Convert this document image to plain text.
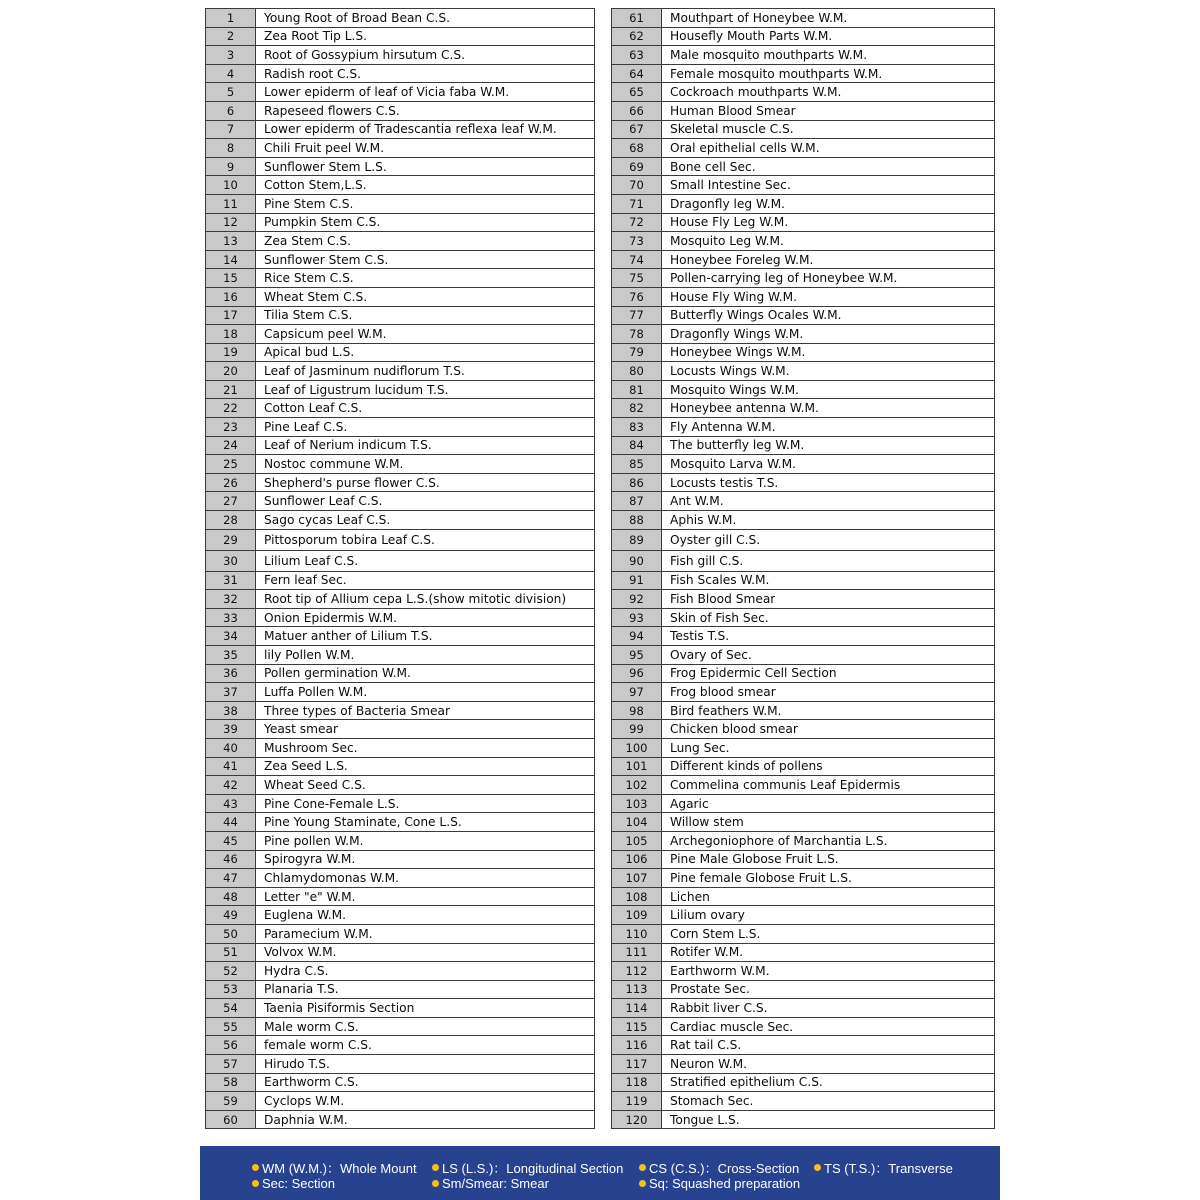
1	Young Root of Broad Bean C.S.
2	Zea Root Tip L.S.
3	Root of Gossypium hirsutum C.S.
4	Radish root C.S.
5	Lower epiderm of leaf of Vicia faba W.M.
6	Rapeseed flowers C.S.
7	Lower epiderm of Tradescantia reflexa leaf W.M.
8	Chili Fruit peel W.M.
9	Sunflower Stem L.S.
10	Cotton Stem,L.S.
11	Pine Stem C.S.
12	Pumpkin Stem C.S.
13	Zea Stem C.S.
14	Sunflower Stem C.S.
15	Rice Stem C.S.
16	Wheat Stem C.S.
17	Tilia Stem C.S.
18	Capsicum peel W.M.
19	Apical bud L.S.
20	Leaf of Jasminum nudiflorum T.S.
21	Leaf of Ligustrum lucidum T.S.
22	Cotton Leaf C.S.
23	Pine Leaf C.S.
24	Leaf of Nerium indicum T.S.
25	Nostoc commune W.M.
26	Shepherd's purse flower C.S.
27	Sunflower Leaf C.S.
28	Sago cycas Leaf C.S.
29	Pittosporum tobira Leaf C.S.
30	Lilium Leaf C.S.
31	Fern leaf Sec.
32	Root tip of Allium cepa L.S.(show mitotic division)
33	Onion Epidermis W.M.
34	Matuer anther of Lilium T.S.
35	lily Pollen W.M.
36	Pollen germination W.M.
37	Luffa Pollen W.M.
38	Three types of Bacteria Smear
39	Yeast smear
40	Mushroom Sec.
41	Zea Seed L.S.
42	Wheat Seed C.S.
43	Pine Cone-Female L.S.
44	Pine Young Staminate, Cone L.S.
45	Pine pollen W.M.
46	Spirogyra W.M.
47	Chlamydomonas W.M.
48	Letter "e" W.M.
49	Euglena W.M.
50	Paramecium W.M.
51	Volvox W.M.
52	Hydra C.S.
53	Planaria T.S.
54	Taenia Pisiformis Section
55	Male worm C.S.
56	female worm C.S.
57	Hirudo T.S.
58	Earthworm C.S.
59	Cyclops W.M.
60	Daphnia W.M.
61	Mouthpart of Honeybee W.M.
62	Housefly Mouth Parts W.M.
63	Male mosquito mouthparts W.M.
64	Female mosquito mouthparts W.M.
65	Cockroach mouthparts W.M.
66	Human Blood Smear
67	Skeletal muscle C.S.
68	Oral epithelial cells W.M.
69	Bone cell Sec.
70	Small Intestine Sec.
71	Dragonfly leg W.M.
72	House Fly Leg W.M.
73	Mosquito Leg W.M.
74	Honeybee Foreleg W.M.
75	Pollen-carrying leg of Honeybee W.M.
76	House Fly Wing W.M.
77	Butterfly Wings Ocales W.M.
78	Dragonfly Wings W.M.
79	Honeybee Wings W.M.
80	Locusts Wings W.M.
81	Mosquito Wings W.M.
82	Honeybee antenna W.M.
83	Fly Antenna W.M.
84	The butterfly leg W.M.
85	Mosquito Larva W.M.
86	Locusts testis T.S.
87	Ant W.M.
88	Aphis W.M.
89	Oyster gill C.S.
90	Fish gill C.S.
91	Fish Scales W.M.
92	Fish Blood Smear
93	Skin of Fish Sec.
94	Testis T.S.
95	Ovary of Sec.
96	Frog Epidermic Cell Section
97	Frog blood smear
98	Bird feathers W.M.
99	Chicken blood smear
100	Lung Sec.
101	Different kinds of pollens
102	Commelina communis Leaf Epidermis
103	Agaric
104	Willow stem
105	Archegoniophore of Marchantia L.S.
106	Pine Male Globose Fruit L.S.
107	Pine female Globose Fruit L.S.
108	Lichen
109	Lilium ovary
110	Corn Stem L.S.
111	Rotifer W.M.
112	Earthworm W.M.
113	Prostate Sec.
114	Rabbit liver C.S.
115	Cardiac muscle Sec.
116	Rat tail C.S.
117	Neuron W.M.
118	Stratified epithelium C.S.
119	Stomach Sec.
120	Tongue L.S.
WM (W.M.)：Whole Mount LS (L.S.)：Longitudinal Section CS (C.S.)：Cross-Section TS (T.S.)：Transverse
Sec: Section	Sm/Smear: Smear	Sq: Squashed preparation
